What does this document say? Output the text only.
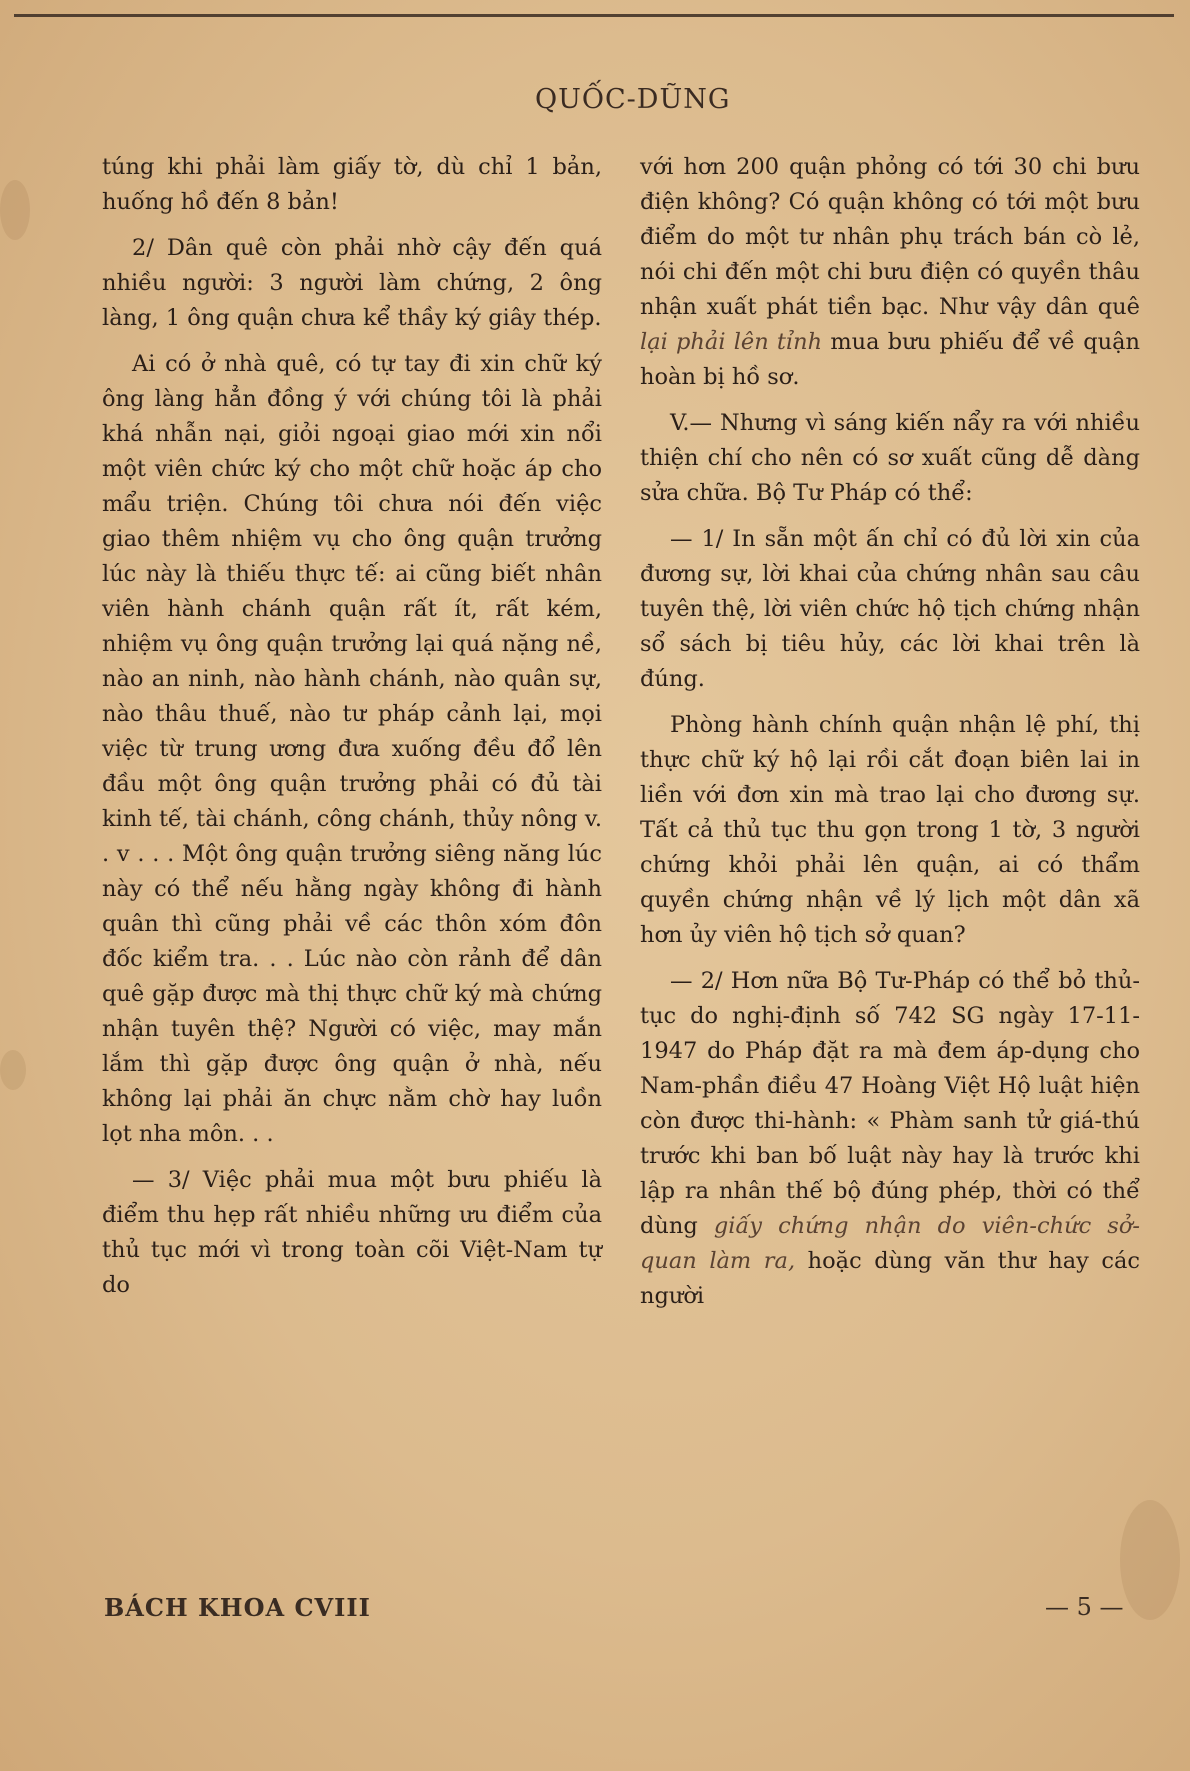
QUỐC-DŨNG

túng khi phải làm giấy tờ, dù chỉ 1 bản, huống hồ đến 8 bản!

2/ Dân quê còn phải nhờ cậy đến quá nhiều người: 3 người làm chứng, 2 ông làng, 1 ông quận chưa kể thầy ký giây thép.

Ai có ở nhà quê, có tự tay đi xin chữ ký ông làng hẳn đồng ý với chúng tôi là phải khá nhẫn nại, giỏi ngoại giao mới xin nổi một viên chức ký cho một chữ hoặc áp cho mẩu triện. Chúng tôi chưa nói đến việc giao thêm nhiệm vụ cho ông quận trưởng lúc này là thiếu thực tế: ai cũng biết nhân viên hành chánh quận rất ít, rất kém, nhiệm vụ ông quận trưởng lại quá nặng nề, nào an ninh, nào hành chánh, nào quân sự, nào thâu thuế, nào tư pháp cảnh lại, mọi việc từ trung ương đưa xuống đều đổ lên đầu một ông quận trưởng phải có đủ tài kinh tế, tài chánh, công chánh, thủy nông v. . v . . . Một ông quận trưởng siêng năng lúc này có thể nếu hằng ngày không đi hành quân thì cũng phải về các thôn xóm đôn đốc kiểm tra. . . Lúc nào còn rảnh để dân quê gặp được mà thị thực chữ ký mà chứng nhận tuyên thệ? Người có việc, may mắn lắm thì gặp được ông quận ở nhà, nếu không lại phải ăn chực nằm chờ hay luồn lọt nha môn. . .

— 3/ Việc phải mua một bưu phiếu là điểm thu hẹp rất nhiều những ưu điểm của thủ tục mới vì trong toàn cõi Việt-Nam tự do

với hơn 200 quận phỏng có tới 30 chi bưu điện không? Có quận không có tới một bưu điểm do một tư nhân phụ trách bán cò lẻ, nói chi đến một chi bưu điện có quyền thâu nhận xuất phát tiền bạc. Như vậy dân quê lại phải lên tỉnh mua bưu phiếu để về quận hoàn bị hồ sơ.

V.— Nhưng vì sáng kiến nẩy ra với nhiều thiện chí cho nên có sơ xuất cũng dễ dàng sửa chữa. Bộ Tư Pháp có thể:

— 1/ In sẵn một ấn chỉ có đủ lời xin của đương sự, lời khai của chứng nhân sau câu tuyên thệ, lời viên chức hộ tịch chứng nhận sổ sách bị tiêu hủy, các lời khai trên là đúng.

Phòng hành chính quận nhận lệ phí, thị thực chữ ký hộ lại rồi cắt đoạn biên lai in liền với đơn xin mà trao lại cho đương sự. Tất cả thủ tục thu gọn trong 1 tờ, 3 người chứng khỏi phải lên quận, ai có thẩm quyền chứng nhận về lý lịch một dân xã hơn ủy viên hộ tịch sở quan?

— 2/ Hơn nữa Bộ Tư-Pháp có thể bỏ thủ-tục do nghị-định số 742 SG ngày 17-11-1947 do Pháp đặt ra mà đem áp-dụng cho Nam-phần điều 47 Hoàng Việt Hộ luật hiện còn được thi-hành: « Phàm sanh tử giá-thú trước khi ban bố luật này hay là trước khi lập ra nhân thế bộ đúng phép, thời có thể dùng giấy chứng nhận do viên-chức sở-quan làm ra, hoặc dùng văn thư hay các người

BÁCH KHOA CVIII	— 5 —
